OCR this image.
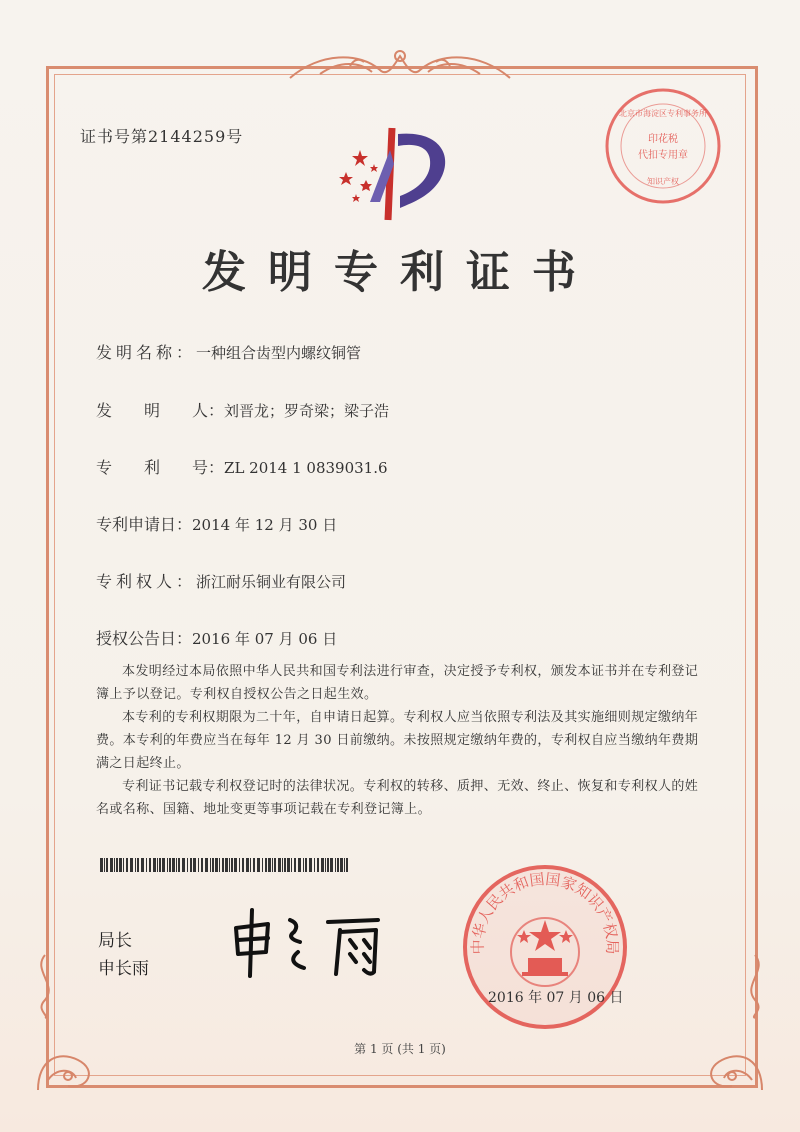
证书号第2144259号	印花税
代扣专用章
北京市海淀区专利事务所
知识产权
发明专利证书
发明名称：一种组合齿型内螺纹铜管
发　　明　　人：刘晋龙；罗奇梁；梁子浩
专　　利　　号：ZL 2014 1 0839031.6
专利申请日：2014 年 12 月 30 日
专利权人：浙江耐乐铜业有限公司
授权公告日：2016 年 07 月 06 日

本发明经过本局依照中华人民共和国专利法进行审查，决定授予专利权，颁发本证书并在专利登记簿上予以登记。专利权自授权公告之日起生效。

本专利的专利权期限为二十年，自申请日起算。专利权人应当依照专利法及其实施细则规定缴纳年费。本专利的年费应当在每年 12 月 30 日前缴纳。未按照规定缴纳年费的，专利权自应当缴纳年费期满之日起终止。

专利证书记载专利权登记时的法律状况。专利权的转移、质押、无效、终止、恢复和专利权人的姓名或名称、国籍、地址变更等事项记载在专利登记簿上。

局长
申长雨
中华人民共和国国家知识产权局
2016 年 07 月 06 日
第 1 页 (共 1 页)
